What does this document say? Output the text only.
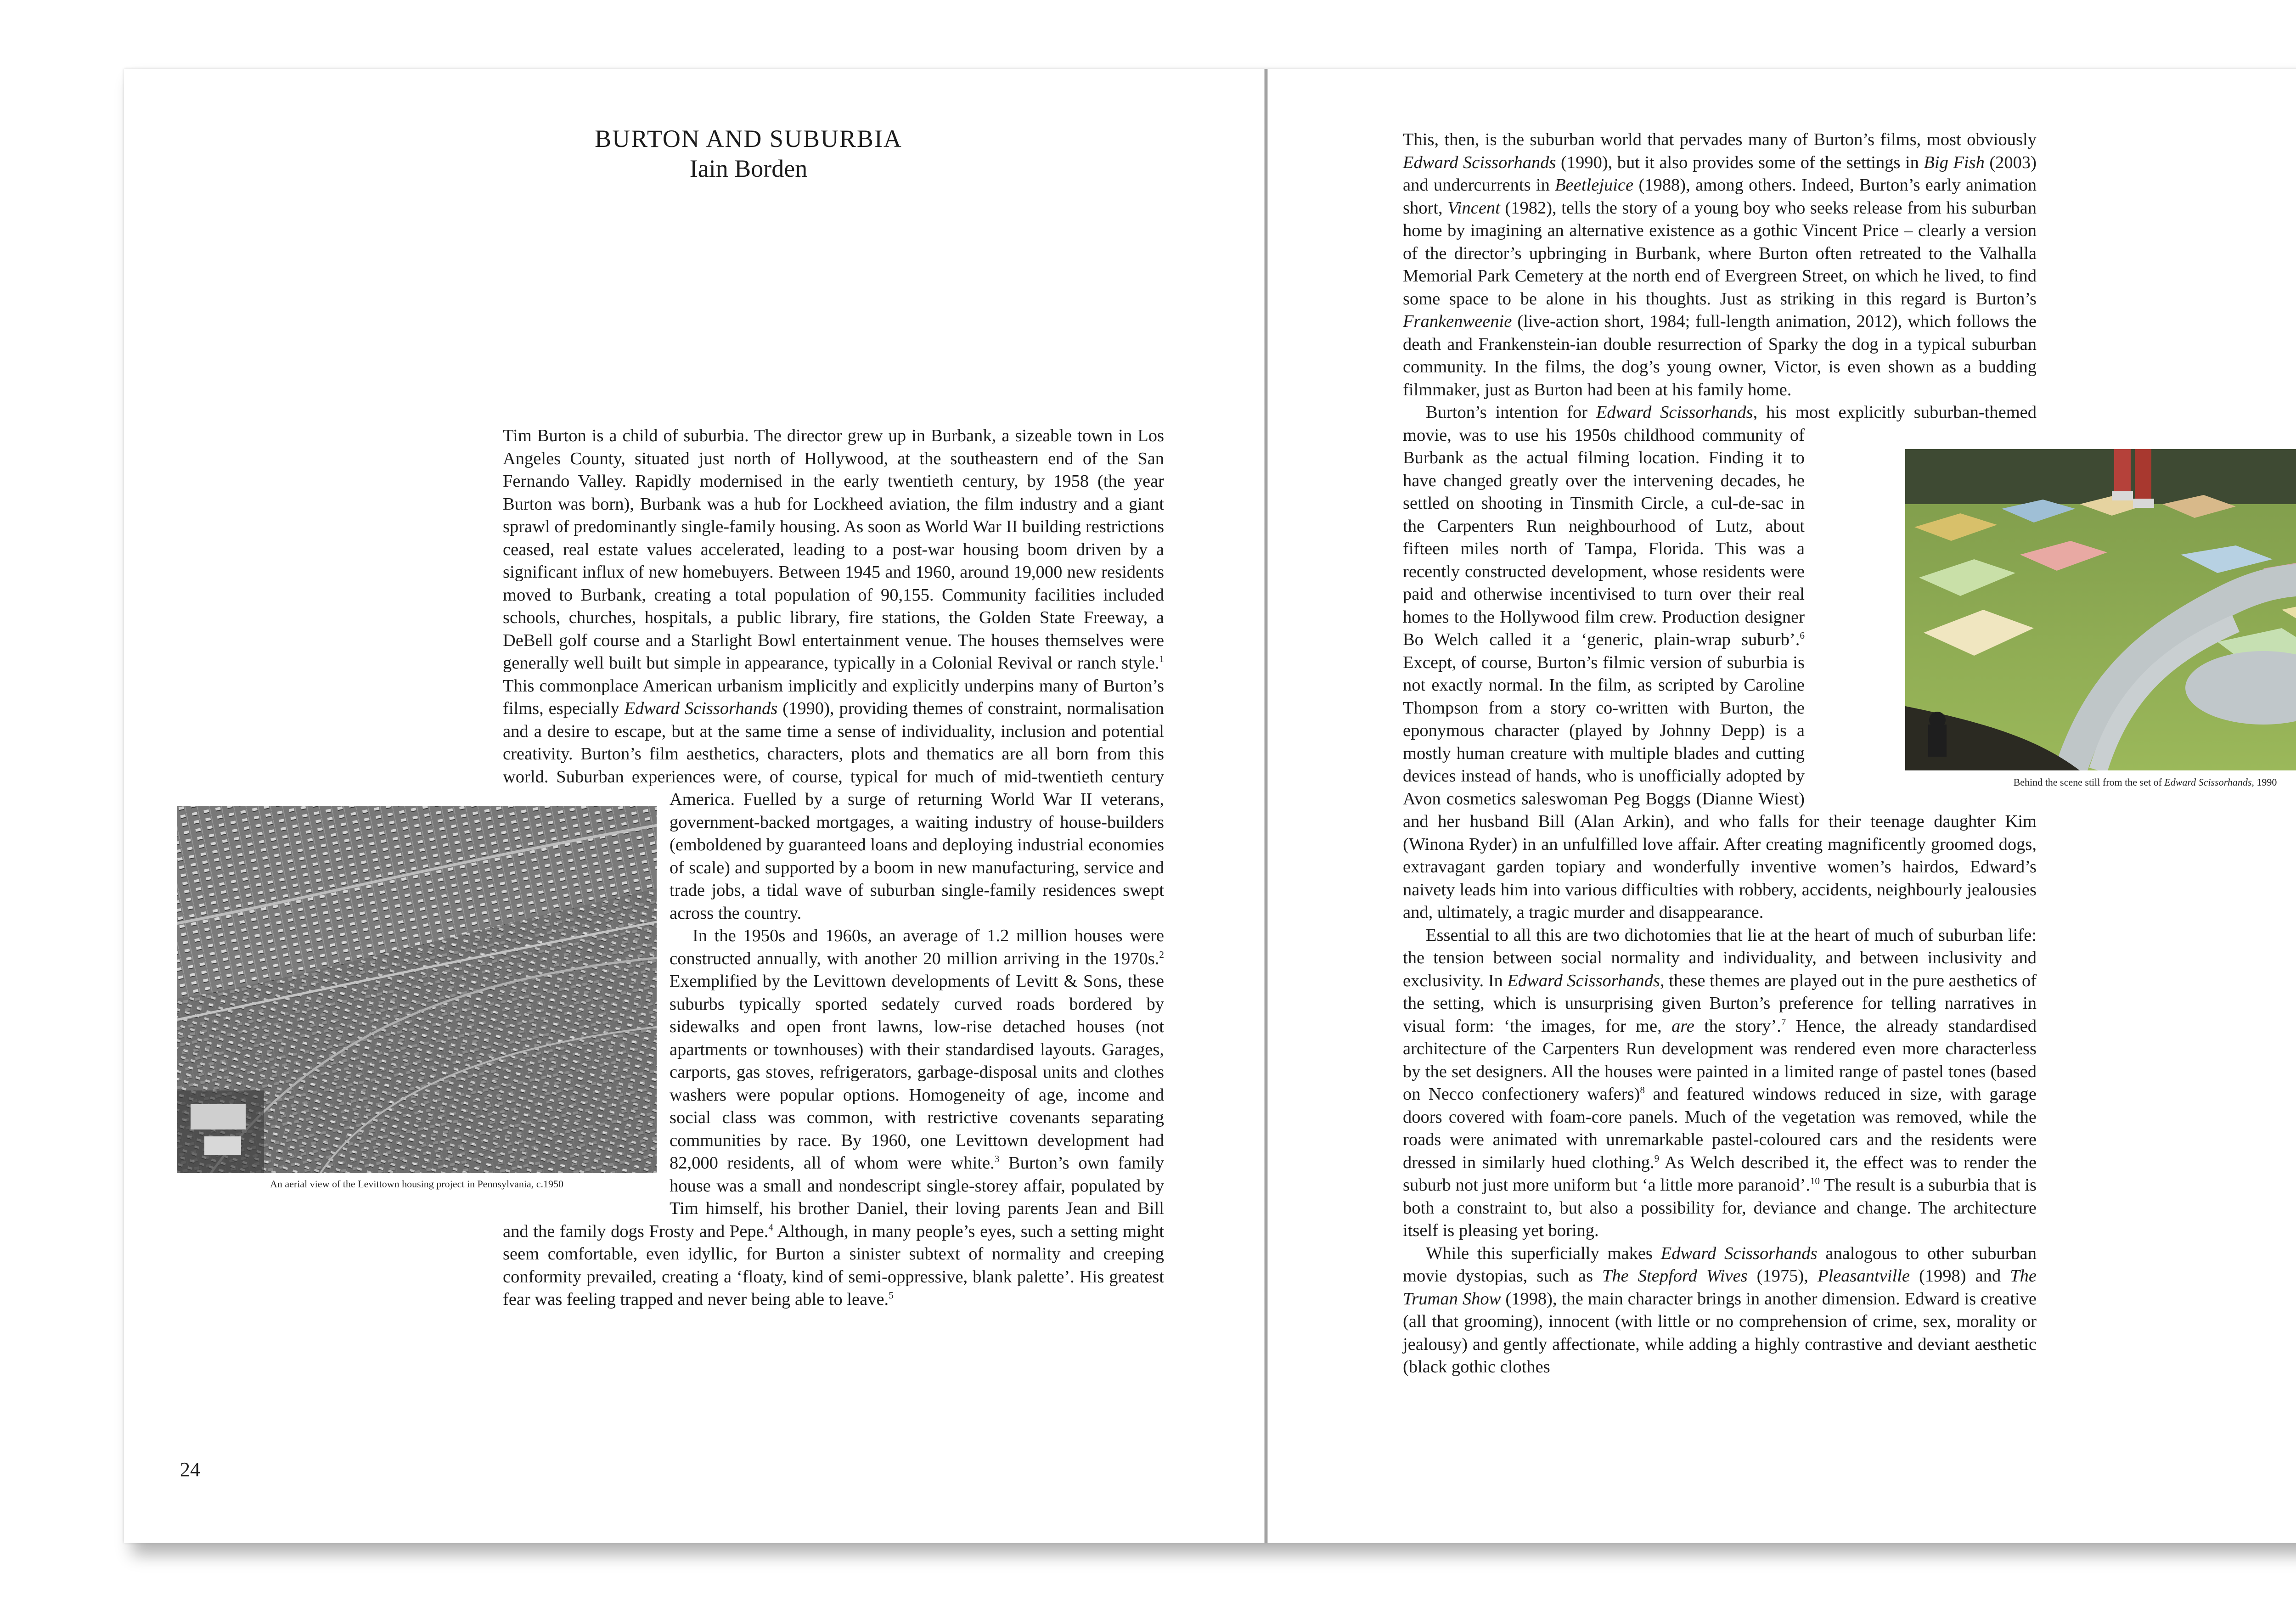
BURTON AND SUBURBIA
Iain Borden
An aerial view of the Levittown housing project in Pennsylvania, c.1950
24
Behind the scene still from the set of Edward Scissorhands, 1990

Tim Burton is a child of suburbia. The director grew up in Burbank, a sizeable town in Los Angeles County, situated just north of Hollywood, at the southeastern end of the San Fernando Valley. Rapidly modernised in the early twentieth century, by 1958 (the year Burton was born), Burbank was a hub for Lockheed aviation, the film industry and a giant sprawl of predominantly single-family housing. As soon as World War II building restrictions ceased, real estate values accelerated, leading to a post-war housing boom driven by a significant influx of new homebuyers. Between 1945 and 1960, around 19,000 new residents moved to Burbank, creating a total population of 90,155. Community facilities included schools, churches, hospitals, a public library, fire stations, the Golden State Freeway, a DeBell golf course and a Starlight Bowl entertainment venue. The houses themselves were generally well built but simple in appearance, typically in a Colonial Revival or ranch style.$^1$ This commonplace American urbanism implicitly and explicitly underpins many of Burton’s films, especially Edward Scissorhands (1990), providing themes of constraint, normalisation and a desire to escape, but at the same time a sense of individuality, inclusion and potential creativity. Burton’s film aesthetics, characters, plots and thematics are all born from this world. Suburban experiences were, of course, typical for much of mid-twentieth century America. Fuelled by a surge of returning World War II veterans, government-backed mortgages, a waiting industry of house-builders (emboldened by guaranteed loans and deploying industrial economies of scale) and supported by a boom in new manufacturing, service and trade jobs, a tidal wave of suburban single-family residences swept across the country.

In the 1950s and 1960s, an average of 1.2 million houses were constructed annually, with another 20 million arriving in the 1970s.$^2$ Exemplified by the Levittown developments of Levitt & Sons, these suburbs typically sported sedately curved roads bordered by sidewalks and open front lawns, low-rise detached houses (not apartments or townhouses) with their standardised layouts. Garages, carports, gas stoves, refrigerators, garbage-disposal units and clothes washers were popular options. Homogeneity of age, income and social class was common, with restrictive covenants separating communities by race. By 1960, one Levittown development had 82,000 residents, all of whom were white.$^3$ Burton’s own family house was a small and nondescript single-storey affair, populated by Tim himself, his brother Daniel, their loving parents Jean and Bill and the family dogs Frosty and Pepe.$^4$ Although, in many people’s eyes, such a setting might seem comfortable, even idyllic, for Burton a sinister subtext of normality and creeping conformity prevailed, creating a ‘floaty, kind of semi-oppressive, blank palette’. His greatest fear was feeling trapped and never being able to leave.$^5$

This, then, is the suburban world that pervades many of Burton’s films, most obviously Edward Scissorhands (1990), but it also provides some of the settings in Big Fish (2003) and undercurrents in Beetlejuice (1988), among others. Indeed, Burton’s early animation short, Vincent (1982), tells the story of a young boy who seeks release from his suburban home by imagining an alternative existence as a gothic Vincent Price – clearly a version of the director’s upbringing in Burbank, where Burton often retreated to the Valhalla Memorial Park Cemetery at the north end of Evergreen Street, on which he lived, to find some space to be alone in his thoughts. Just as striking in this regard is Burton’s Frankenweenie (live-action short, 1984; full-length animation, 2012), which follows the death and Frankenstein-ian double resurrection of Sparky the dog in a typical suburban community. In the films, the dog’s young owner, Victor, is even shown as a budding filmmaker, just as Burton had been at his family home.

Burton’s intention for Edward Scissorhands, his most explicitly suburban-themed movie, was to use his 1950s childhood community of Burbank as the actual filming location. Finding it to have changed greatly over the intervening decades, he settled on shooting in Tinsmith Circle, a cul-de-sac in the Carpenters Run neighbourhood of Lutz, about fifteen miles north of Tampa, Florida. This was a recently constructed development, whose residents were paid and otherwise incentivised to turn over their real homes to the Hollywood film crew. Production designer Bo Welch called it a ‘generic, plain-wrap suburb’.$^6$ Except, of course, Burton’s filmic version of suburbia is not exactly normal. In the film, as scripted by Caroline Thompson from a story co-written with Burton, the eponymous character (played by Johnny Depp) is a mostly human creature with multiple blades and cutting devices instead of hands, who is unofficially adopted by Avon cosmetics saleswoman Peg Boggs (Dianne Wiest) and her husband Bill (Alan Arkin), and who falls for their teenage daughter Kim (Winona Ryder) in an unfulfilled love affair. After creating magnificently groomed dogs, extravagant garden topiary and wonderfully inventive women’s hairdos, Edward’s naivety leads him into various difficulties with robbery, accidents, neighbourly jealousies and, ultimately, a tragic murder and disappearance.

Essential to all this are two dichotomies that lie at the heart of much of suburban life: the tension between social normality and individuality, and between inclusivity and exclusivity. In Edward Scissorhands, these themes are played out in the pure aesthetics of the setting, which is unsurprising given Burton’s preference for telling narratives in visual form: ‘the images, for me, are the story’.$^7$ Hence, the already standardised architecture of the Carpenters Run development was rendered even more characterless by the set designers. All the houses were painted in a limited range of pastel tones (based on Necco confectionery wafers)$^8$ and featured windows reduced in size, with garage doors covered with foam-core panels. Much of the vegetation was removed, while the roads were animated with unremarkable pastel-coloured cars and the residents were dressed in similarly hued clothing.$^9$ As Welch described it, the effect was to render the suburb not just more uniform but ‘a little more paranoid’.$^{10}$ The result is a suburbia that is both a constraint to, but also a possibility for, deviance and change. The architecture itself is pleasing yet boring.

While this superficially makes Edward Scissorhands analogous to other suburban movie dystopias, such as The Stepford Wives (1975), Pleasantville (1998) and The Truman Show (1998), the main character brings in another dimension. Edward is creative (all that grooming), innocent (with little or no comprehension of crime, sex, morality or jealousy) and gently affectionate, while adding a highly contrastive and deviant aesthetic (black gothic clothes
